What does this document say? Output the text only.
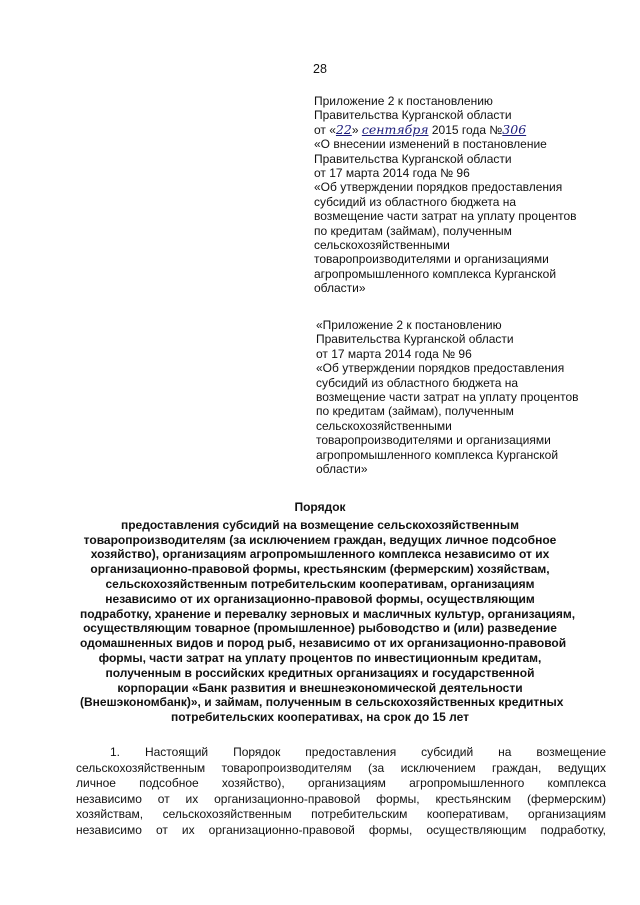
28

Приложение 2 к постановлению

Правительства Курганской области

от «22» сентября 2015 года №306

«О внесении изменений в постановление

Правительства Курганской области

от 17 марта 2014 года № 96

«Об утверждении порядков предоставления

субсидий из областного бюджета на

возмещение части затрат на уплату процентов

по кредитам (займам), полученным

сельскохозяйственными

товаропроизводителями и организациями

агропромышленного комплекса Курганской

области»

«Приложение 2 к постановлению

Правительства Курганской области

от 17 марта 2014 года № 96

«Об утверждении порядков предоставления

субсидий из областного бюджета на

возмещение части затрат на уплату процентов

по кредитам (займам), полученным

сельскохозяйственными

товаропроизводителями и организациями

агропромышленного комплекса Курганской

области»

Порядок

предоставления субсидий на возмещение сельскохозяйственным

товаропроизводителям (за исключением граждан, ведущих личное подсобное

хозяйство), организациям агропромышленного комплекса независимо от их

организационно-правовой формы, крестьянским (фермерским) хозяйствам,

сельскохозяйственным потребительским кооперативам, организациям

независимо от их организационно-правовой формы, осуществляющим

подработку, хранение и перевалку зерновых и масличных культур, организациям,

осуществляющим товарное (промышленное) рыбоводство и (или) разведение

одомашненных видов и пород рыб, независимо от их организационно-правовой

формы, части затрат на уплату процентов по инвестиционным кредитам,

полученным в российских кредитных организациях и государственной

корпорации «Банк развития и внешнеэкономической деятельности

(Внешэкономбанк)», и займам, полученным в сельскохозяйственных кредитных

потребительских кооперативах, на срок до 15 лет

1. Настоящий Порядок предоставления субсидий на возмещение
сельскохозяйственным товаропроизводителям (за исключением граждан, ведущих
личное подсобное хозяйство), организациям агропромышленного комплекса
независимо от их организационно-правовой формы, крестьянским (фермерским)
хозяйствам, сельскохозяйственным потребительским кооперативам, организациям
независимо от их организационно-правовой формы, осуществляющим подработку,
